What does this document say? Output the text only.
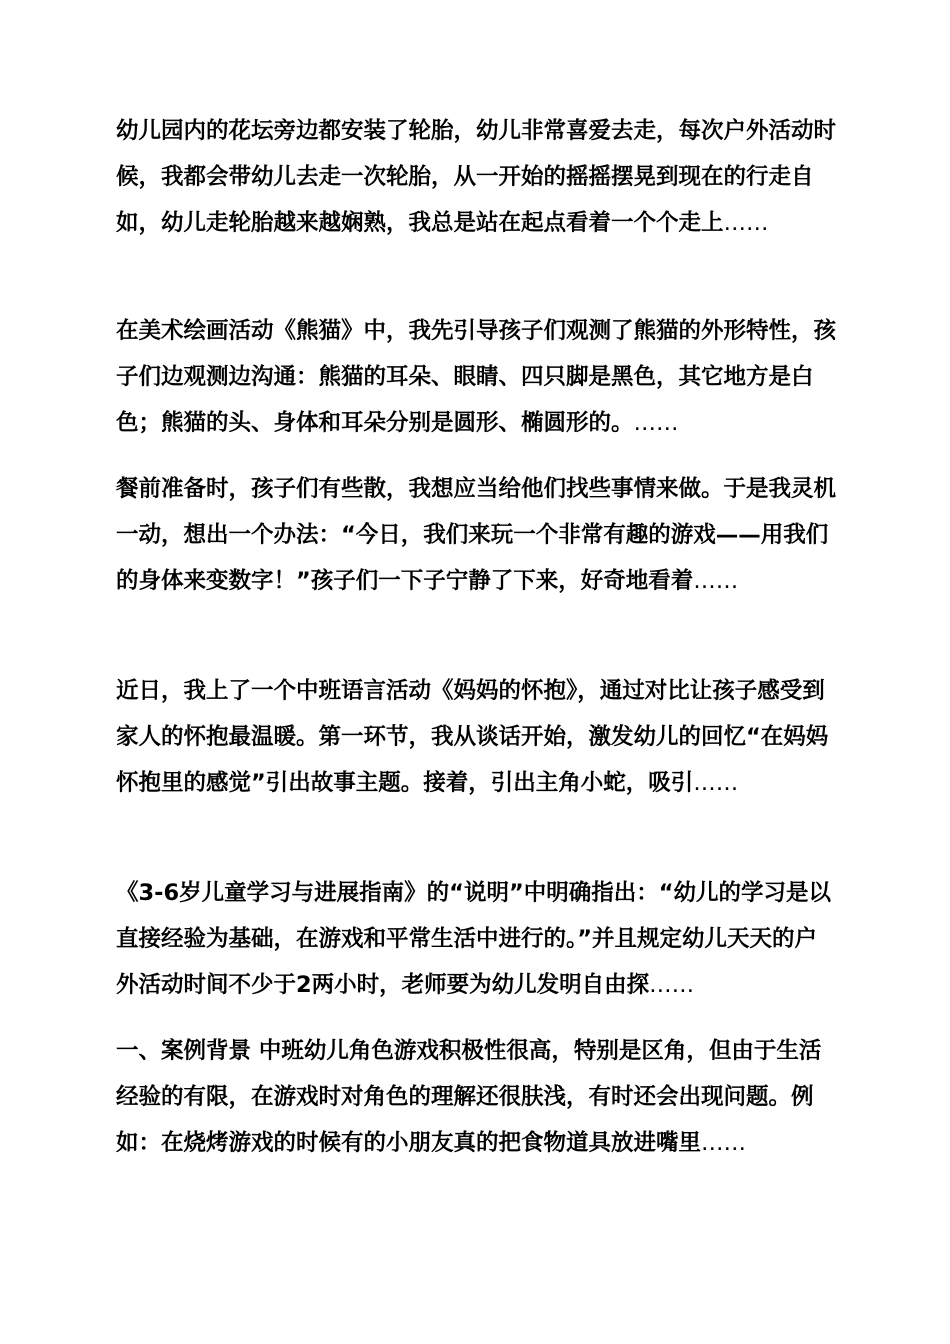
幼儿园内的花坛旁边都安装了轮胎，幼儿非常喜爱去走，每次户外活动时候，我都会带幼儿去走一次轮胎，从一开始的摇摇摆晃到现在的行走自如，幼儿走轮胎越来越娴熟，我总是站在起点看着一个个走上……

在美术绘画活动《熊猫》中，我先引导孩子们观测了熊猫的外形特性，孩子们边观测边沟通：熊猫的耳朵、眼睛、四只脚是黑色，其它地方是白色；熊猫的头、身体和耳朵分别是圆形、椭圆形的。……

餐前准备时，孩子们有些散，我想应当给他们找些事情来做。于是我灵机一动，想出一个办法：“今日，我们来玩一个非常有趣的游戏——用我们的身体来变数字！”孩子们一下子宁静了下来，好奇地看着……

近日，我上了一个中班语言活动《妈妈的怀抱》，通过对比让孩子感受到家人的怀抱最温暖。第一环节，我从谈话开始，激发幼儿的回忆“在妈妈怀抱里的感觉”引出故事主题。接着，引出主角小蛇，吸引……

《3-6岁儿童学习与进展指南》的“说明”中明确指出：“幼儿的学习是以直接经验为基础，在游戏和平常生活中进行的。”并且规定幼儿天天的户外活动时间不少于2两小时，老师要为幼儿发明自由探……

一、案例背景 中班幼儿角色游戏积极性很高，特别是区角，但由于生活经验的有限，在游戏时对角色的理解还很肤浅，有时还会出现问题。例如：在烧烤游戏的时候有的小朋友真的把食物道具放进嘴里……
